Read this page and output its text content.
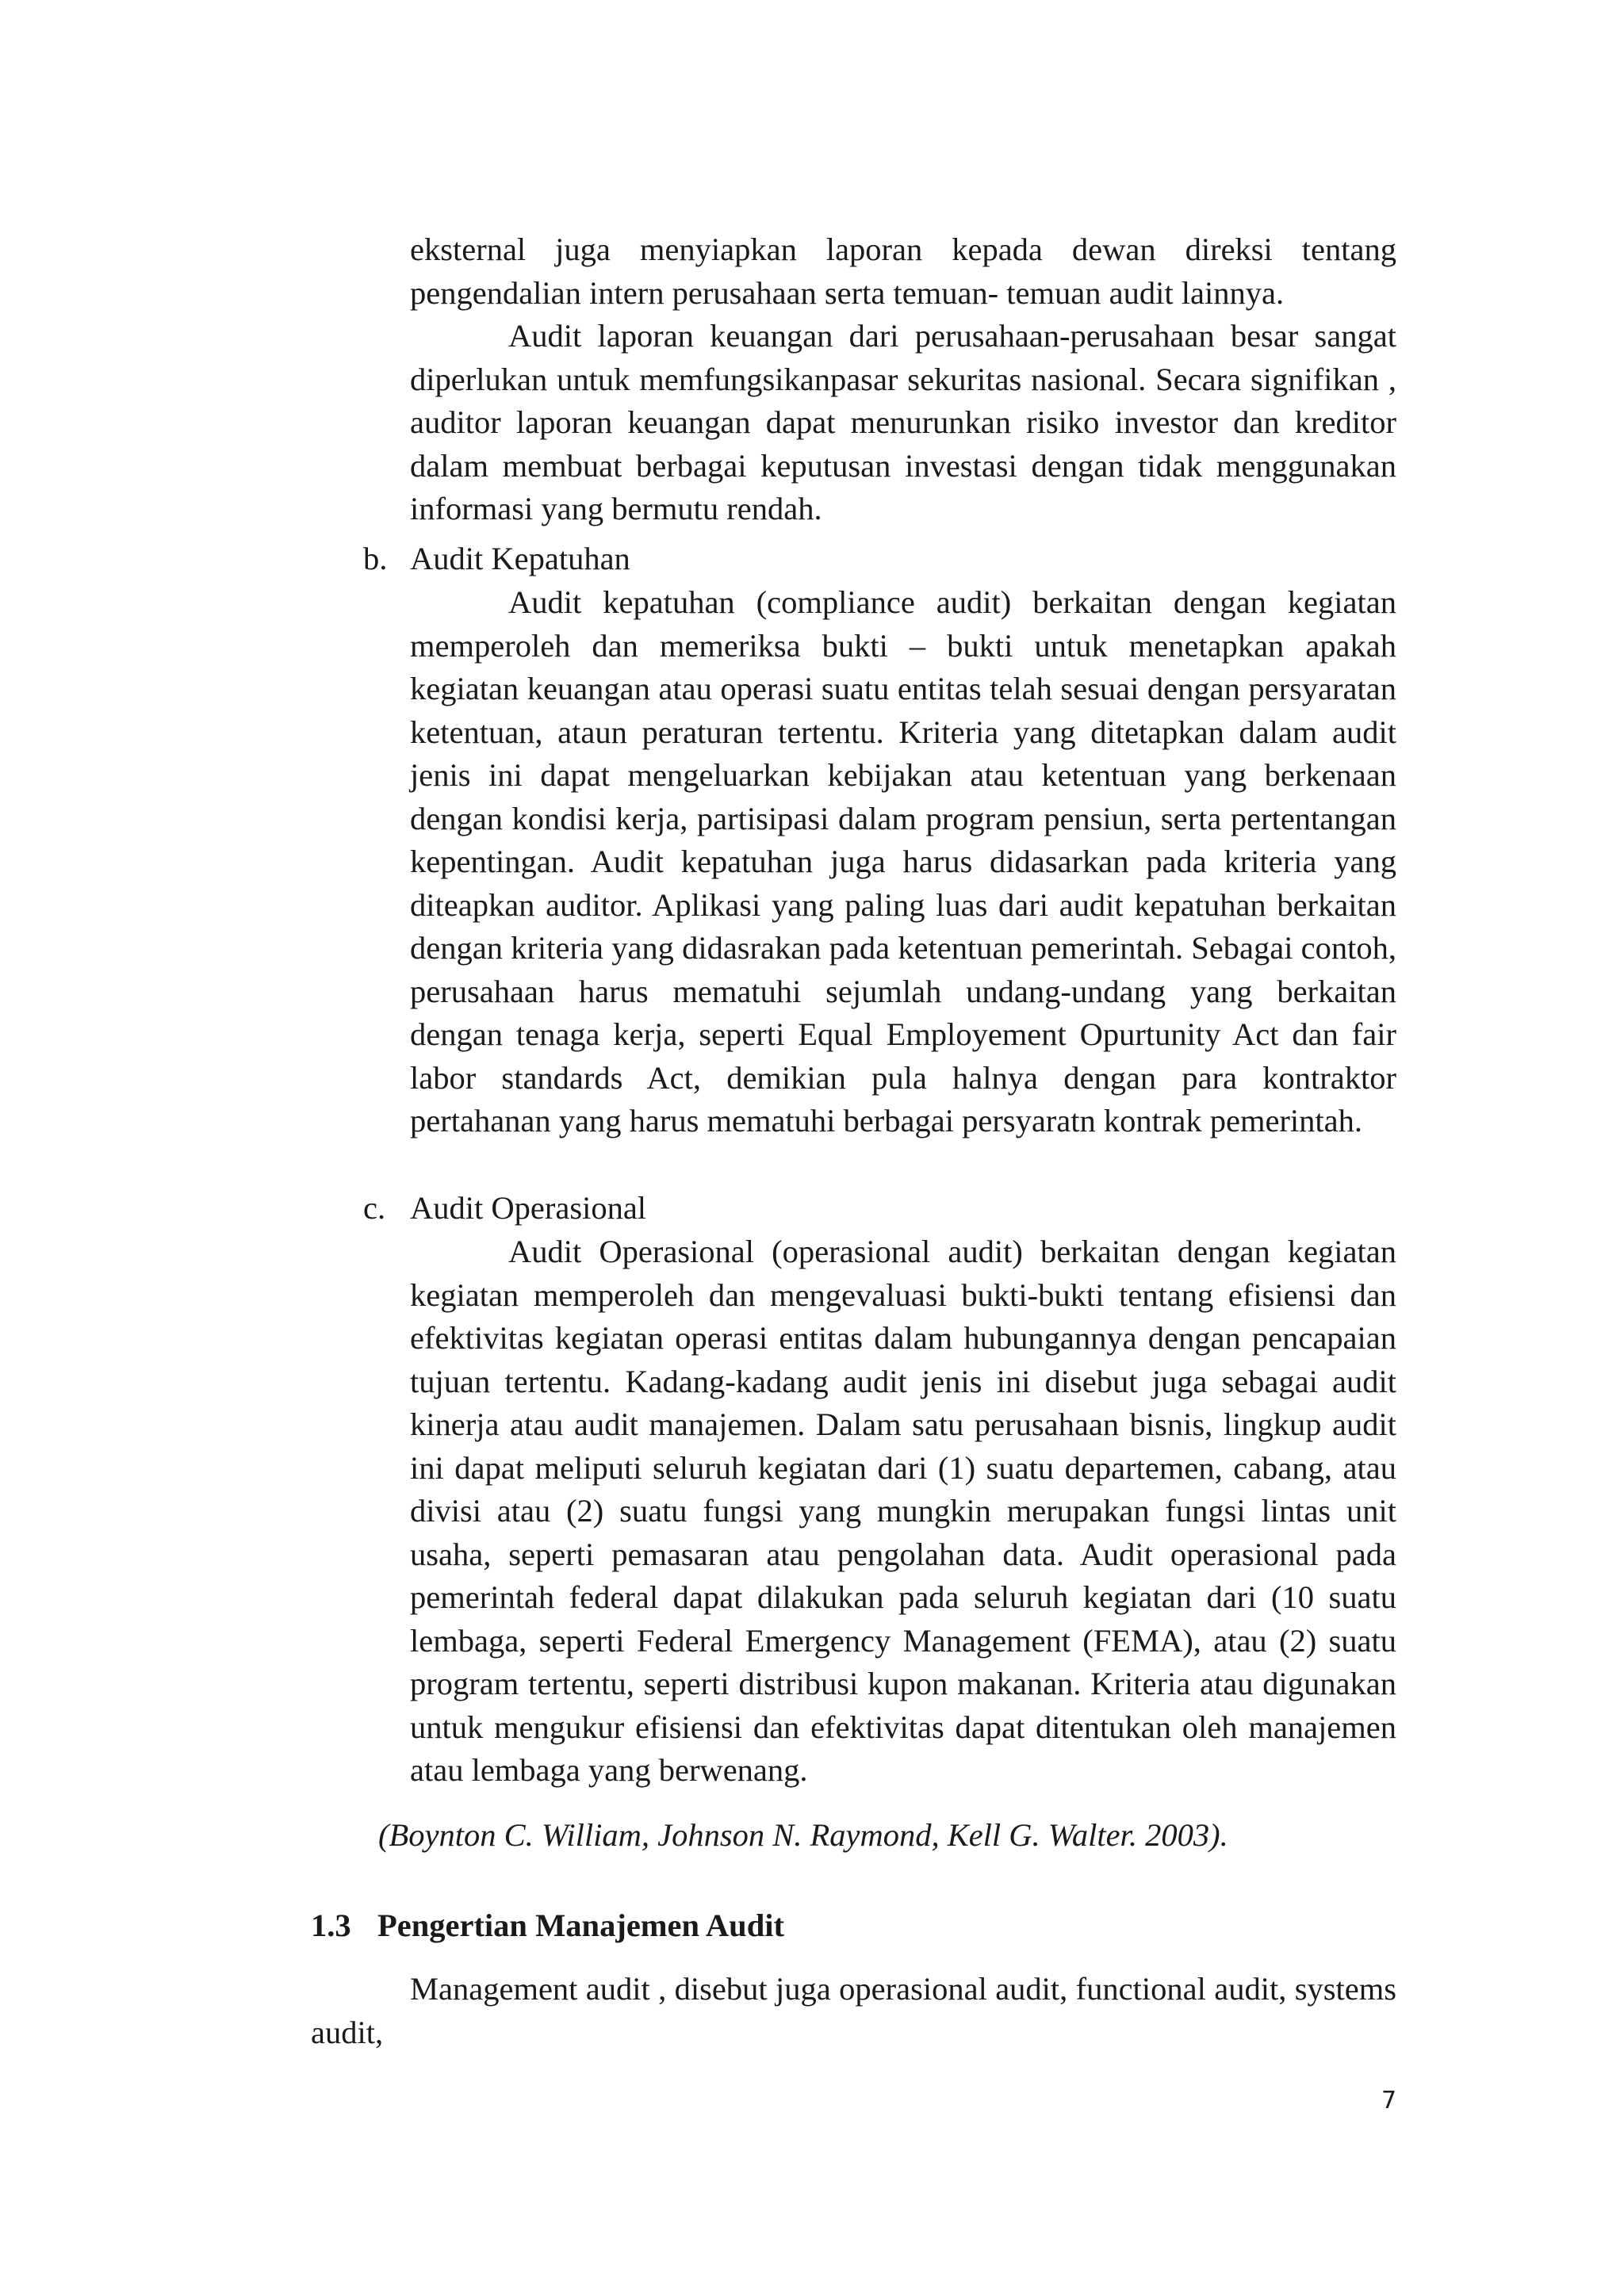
eksternal juga menyiapkan laporan kepada dewan direksi tentang pengendalian intern perusahaan serta temuan- temuan audit lainnya.

Audit laporan keuangan dari perusahaan-perusahaan besar sangat diperlukan untuk memfungsikanpasar sekuritas nasional. Secara signifikan , auditor laporan keuangan dapat menurunkan risiko investor dan kreditor dalam membuat berbagai keputusan investasi dengan tidak menggunakan informasi yang bermutu rendah.

b. Audit Kepatuhan

Audit kepatuhan (compliance audit) berkaitan dengan kegiatan memperoleh dan memeriksa bukti – bukti untuk menetapkan apakah kegiatan keuangan atau operasi suatu entitas telah sesuai dengan persyaratan ketentuan, ataun peraturan tertentu. Kriteria yang ditetapkan dalam audit jenis ini dapat mengeluarkan kebijakan atau ketentuan yang berkenaan dengan kondisi kerja, partisipasi dalam program pensiun, serta pertentangan kepentingan. Audit kepatuhan juga harus didasarkan pada kriteria yang diteapkan auditor. Aplikasi yang paling luas dari audit kepatuhan berkaitan dengan kriteria yang didasrakan pada ketentuan pemerintah. Sebagai contoh, perusahaan harus mematuhi sejumlah undang-undang yang berkaitan dengan tenaga kerja, seperti Equal Employement Opurtunity Act dan fair labor standards Act, demikian pula halnya dengan para kontraktor pertahanan yang harus mematuhi berbagai persyaratn kontrak pemerintah.

c. Audit Operasional

Audit Operasional (operasional audit) berkaitan dengan kegiatan kegiatan memperoleh dan mengevaluasi bukti-bukti tentang efisiensi dan efektivitas kegiatan operasi entitas dalam hubungannya dengan pencapaian tujuan tertentu. Kadang-kadang audit jenis ini disebut juga sebagai audit kinerja atau audit manajemen. Dalam satu perusahaan bisnis, lingkup audit ini dapat meliputi seluruh kegiatan dari (1) suatu departemen, cabang, atau divisi atau (2) suatu fungsi yang mungkin merupakan fungsi lintas unit usaha, seperti pemasaran atau pengolahan data. Audit operasional pada pemerintah federal dapat dilakukan pada seluruh kegiatan dari (10 suatu lembaga, seperti Federal Emergency Management (FEMA), atau (2) suatu program tertentu, seperti distribusi kupon makanan. Kriteria atau digunakan untuk mengukur efisiensi dan efektivitas dapat ditentukan oleh manajemen atau lembaga yang berwenang.

(Boynton C. William, Johnson N. Raymond, Kell G. Walter. 2003).

1.3 Pengertian Manajemen Audit

Management audit , disebut juga operasional audit, functional audit, systems audit,

7
